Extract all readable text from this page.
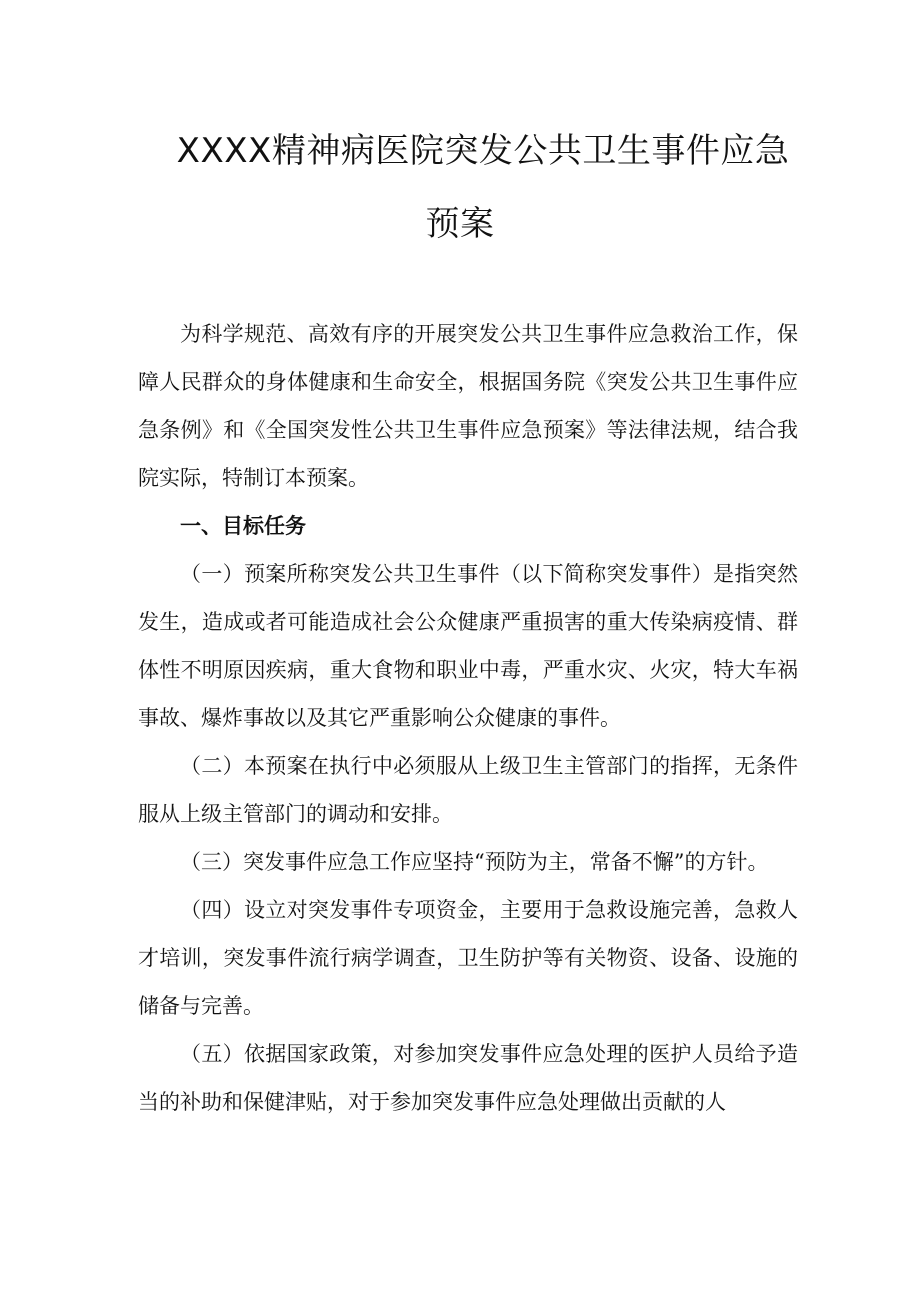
XXXX精神病医院突发公共卫生事件应急
预案

为科学规范、高效有序的开展突发公共卫生事件应急救治工作，保障人民群众的身体健康和生命安全，根据国务院《突发公共卫生事件应急条例》和《全国突发性公共卫生事件应急预案》等法律法规，结合我院实际，特制订本预案。

一、目标任务

（一）预案所称突发公共卫生事件（以下简称突发事件）是指突然发生，造成或者可能造成社会公众健康严重损害的重大传染病疫情、群体性不明原因疾病，重大食物和职业中毒，严重水灾、火灾，特大车祸事故、爆炸事故以及其它严重影响公众健康的事件。

（二）本预案在执行中必须服从上级卫生主管部门的指挥，无条件服从上级主管部门的调动和安排。

（三）突发事件应急工作应坚持“预防为主，常备不懈”的方针。

（四）设立对突发事件专项资金，主要用于急救设施完善，急救人才培训，突发事件流行病学调查，卫生防护等有关物资、设备、设施的储备与完善。

（五）依据国家政策，对参加突发事件应急处理的医护人员给予造当的补助和保健津贴，对于参加突发事件应急处理做出贡献的人
